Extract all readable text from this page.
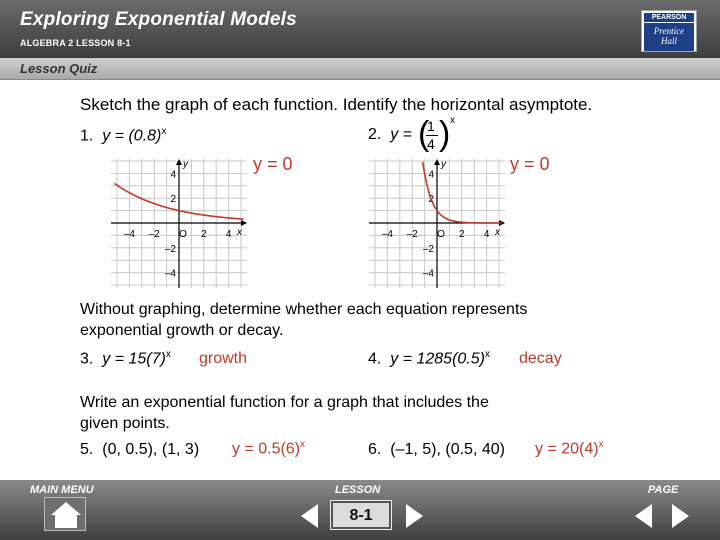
Exploring Exponential Models
ALGEBRA 2 LESSON 8-1
PEARSON
Prentice
Hall
Lesson Quiz
Sketch the graph of each function. Identify the horizontal asymptote.
1. $y = (0.8)^x$
y = 0
2. y = (
1
4 ) x
y = 0
–4 –2 O 2 4
4
2
–2
–4
x
y
–4 –2 O 2 4
4
2
–2
–4
x
y
Without graphing, determine whether each equation represents
exponential growth or decay.
3. $y = 15(7)^x$ growth	4. $y = 1285(0.5)^x$ decay
Write an exponential function for a graph that includes the
given points.
5. (0, 0.5), (1, 3) $y = 0.5(6)^x$	6. (–1, 5), (0.5, 40) $y = 20(4)^x$
MAIN MENU	LESSON
8-1
PAGE
